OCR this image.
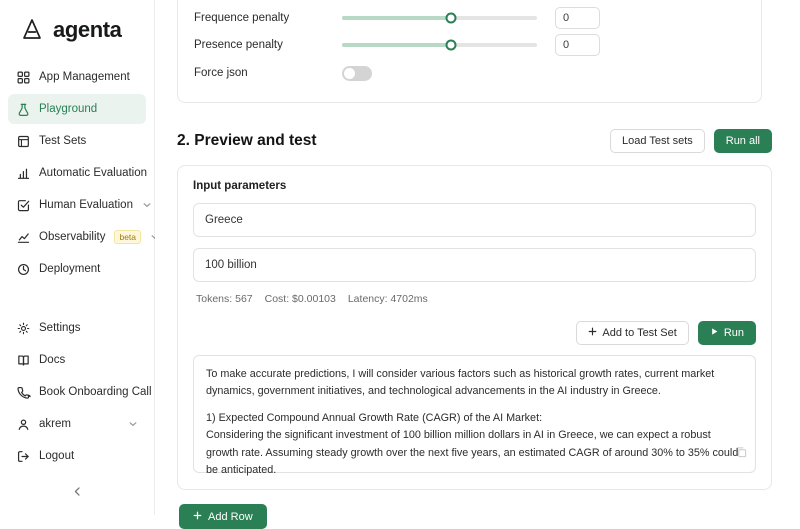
agenta
App Management
Playground
Test Sets
Automatic Evaluation
Human Evaluation
Observability	beta
Deployment
Settings
Docs
Book Onboarding Call
akrem
Logout
Frequence penalty	0
Presence penalty	0
Force json
2. Preview and test	Load Test sets	Run all
Input parameters
Greece
100 billion
Tokens: 567 Cost: $0.00103 Latency: 4702ms
Add to Test Set	Run

To make accurate predictions, I will consider various factors such as historical growth rates, current market dynamics, government initiatives, and technological advancements in the AI industry in Greece.

1) Expected Compound Annual Growth Rate (CAGR) of the AI Market:

Considering the significant investment of 100 billion million dollars in AI in Greece, we can expect a robust growth rate. Assuming steady growth over the next five years, an estimated CAGR of around 30% to 35% could be anticipated.

Add Row
